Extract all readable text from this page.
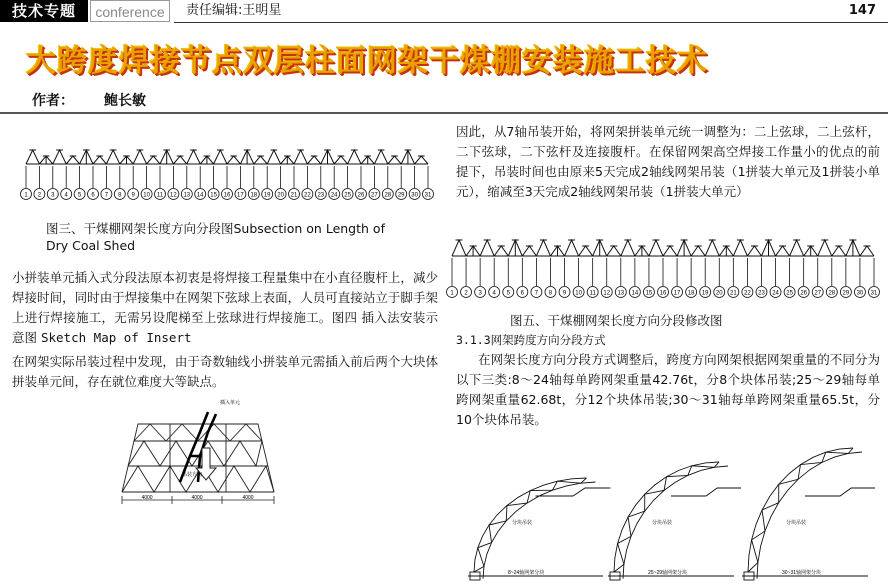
技术专题	conference	责任编辑:王明星	147
大跨度焊接节点双层柱面网架干煤棚安装施工技术
作者： 鲍长敏
1 2 3 4 5 6 7 8 9 10 11 12 13 14 15 16 17 18 19 20 21 22 23 24 25 26 27 28 29 30 31
图三、干煤棚网架长度方向分段图Subsection on Length of
Dry Coal Shed
小拼装单元插入式分段法原本初衷是将焊接工程量集中在小直径腹杆上，减少焊接时间，同时由于焊接集中在网架下弦球上表面，人员可直接站立于脚手架上进行焊接施工，无需另设爬梯至上弦球进行焊接施工。图四 插入法安装示意图 Sketch Map of Insert
在网架实际吊装过程中发现，由于奇数轴线小拼装单元需插入前后两个大块体拼装单元间，存在就位难度大等缺点。
4000	4000	4000
插入单元
吊装方向
因此，从7轴吊装开始，将网架拼装单元统一调整为：二上弦球，二上弦杆，二下弦球，二下弦杆及连接腹杆。在保留网架高空焊接工作量小的优点的前提下，吊装时间也由原来5天完成2轴线网架吊装（1拼装大单元及1拼装小单元），缩减至3天完成2轴线网架吊装（1拼装大单元）
1 2 3 4 5 6 7 8 9 10 11 12 13 14 15 16 17 18 19 20 21 22 23 24 25 26 27 28 29 30 31
图五、干煤棚网架长度方向分段修改图
3.1.3网架跨度方向分段方式
在网架长度方向分段方式调整后，跨度方向网架根据网架重量的不同分为以下三类:8～24轴每单跨网架重量42.76t，分8个块体吊装;25～29轴每单跨网架重量62.68t，分12个块体吊装;30～31轴每单跨网架重量65.5t，分10个块体吊装。
8~24轴网架分块
分块吊装
25~29轴网架分块
分块吊装
30~31轴网架分块
分块吊装
